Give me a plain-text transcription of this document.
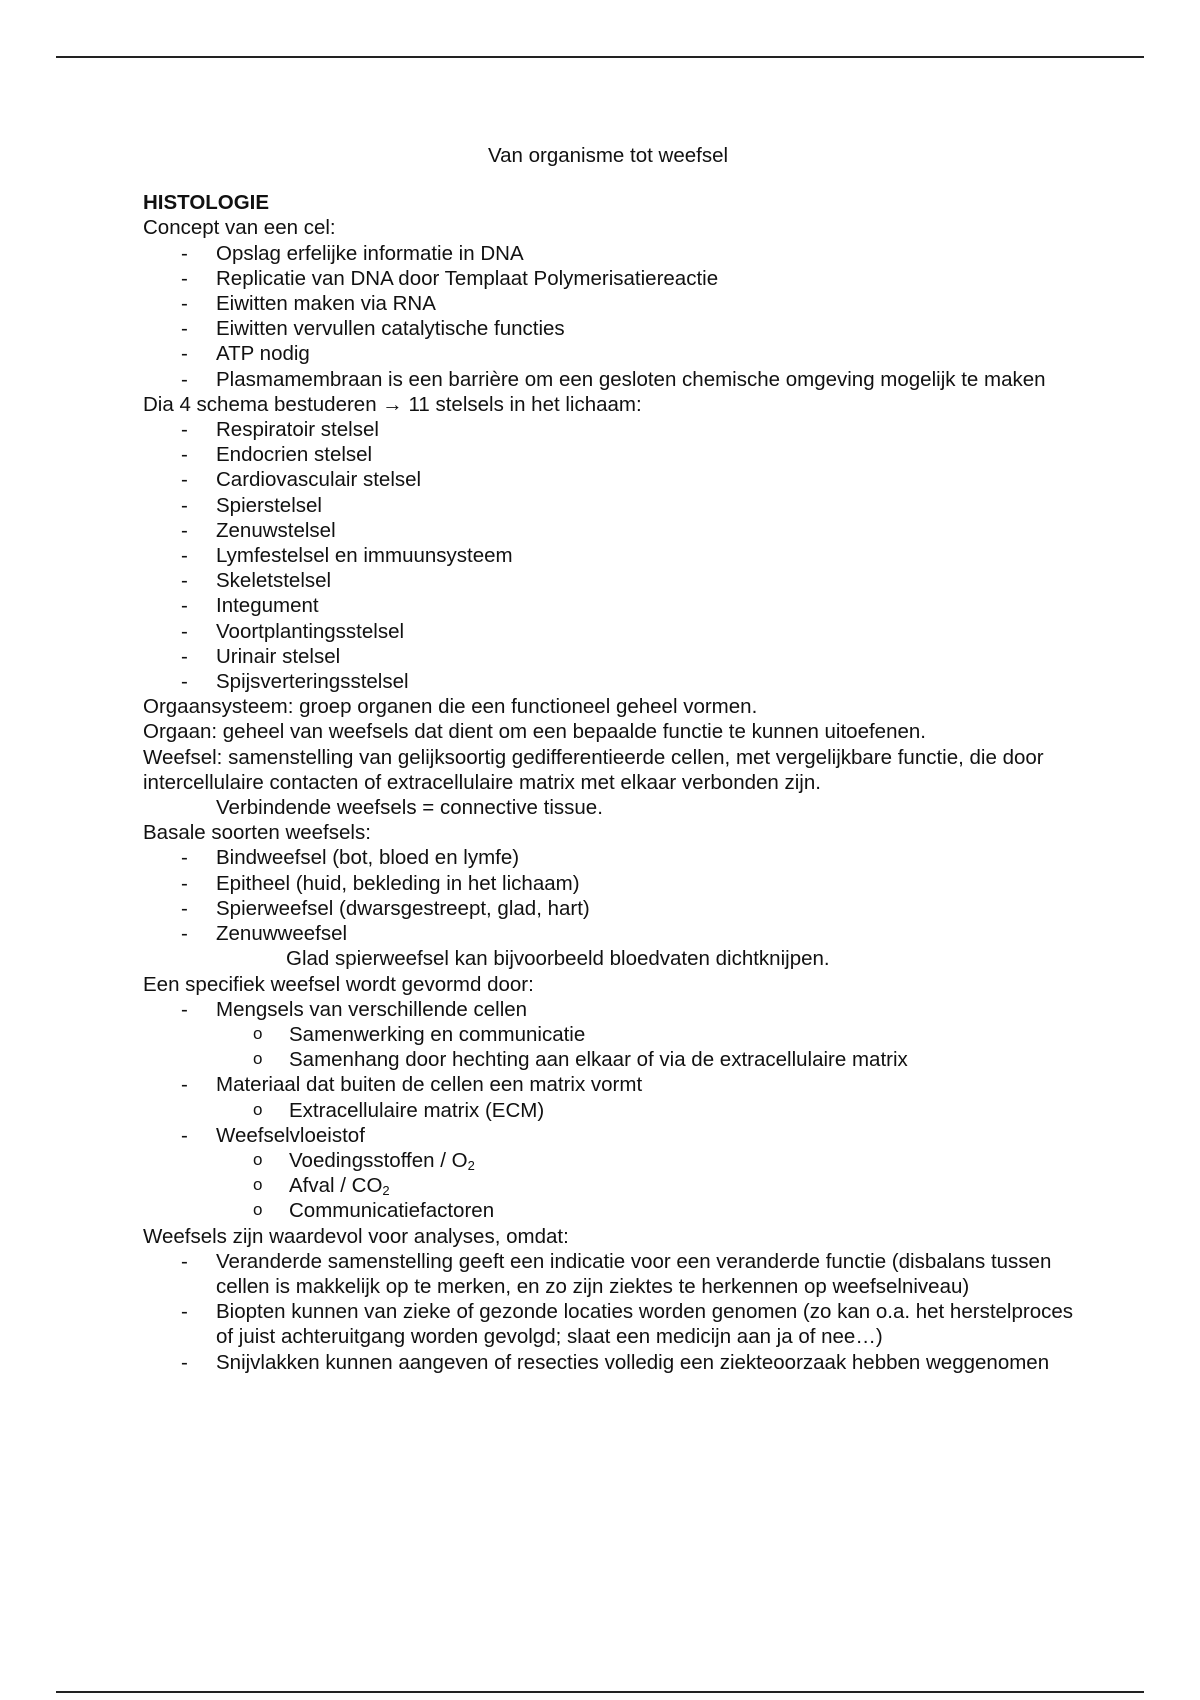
Van organisme tot weefsel

HISTOLOGIE

Concept van een cel:

- Opslag erfelijke informatie in DNA
- Replicatie van DNA door Templaat Polymerisatiereactie
- Eiwitten maken via RNA
- Eiwitten vervullen catalytische functies
- ATP nodig
- Plasmamembraan is een barrière om een gesloten chemische omgeving mogelijk te maken

Dia 4 schema bestuderen → 11 stelsels in het lichaam:

- Respiratoir stelsel
- Endocrien stelsel
- Cardiovasculair stelsel
- Spierstelsel
- Zenuwstelsel
- Lymfestelsel en immuunsysteem
- Skeletstelsel
- Integument
- Voortplantingsstelsel
- Urinair stelsel
- Spijsverteringsstelsel

Orgaansysteem: groep organen die een functioneel geheel vormen.

Orgaan: geheel van weefsels dat dient om een bepaalde functie te kunnen uitoefenen.

Weefsel: samenstelling van gelijksoortig gedifferentieerde cellen, met vergelijkbare functie, die door intercellulaire contacten of extracellulaire matrix met elkaar verbonden zijn.

Verbindende weefsels = connective tissue.

Basale soorten weefsels:

- Bindweefsel (bot, bloed en lymfe)
- Epitheel (huid, bekleding in het lichaam)
- Spierweefsel (dwarsgestreept, glad, hart)
- Zenuwweefsel

Glad spierweefsel kan bijvoorbeeld bloedvaten dichtknijpen.

Een specifiek weefsel wordt gevormd door:

- Mengsels van verschillende cellen
o Samenwerking en communicatie
o Samenhang door hechting aan elkaar of via de extracellulaire matrix
- Materiaal dat buiten de cellen een matrix vormt
o Extracellulaire matrix (ECM)
- Weefselvloeistof
o Voedingsstoffen / $O_2$
o Afval / $CO_2$
o Communicatiefactoren

Weefsels zijn waardevol voor analyses, omdat:

- Veranderde samenstelling geeft een indicatie voor een veranderde functie (disbalans tussen cellen is makkelijk op te merken, en zo zijn ziektes te herkennen op weefselniveau)
- Biopten kunnen van zieke of gezonde locaties worden genomen (zo kan o.a. het herstelproces of juist achteruitgang worden gevolgd; slaat een medicijn aan ja of nee…)
- Snijvlakken kunnen aangeven of resecties volledig een ziekteoorzaak hebben weggenomen
